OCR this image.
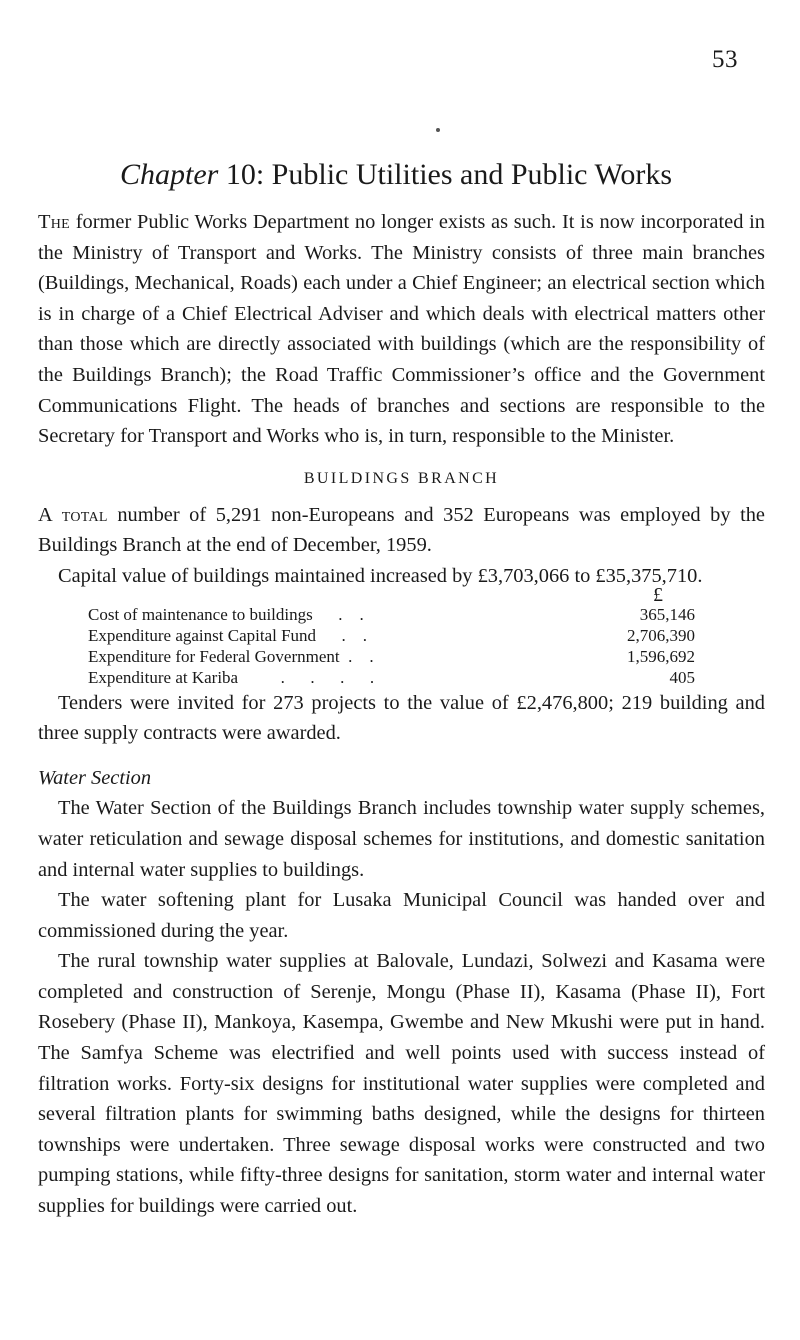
53
Chapter 10: Public Utilities and Public Works

The former Public Works Department no longer exists as such. It is now incorporated in the Ministry of Transport and Works. The Ministry consists of three main branches (Buildings, Mechanical, Roads) each under a Chief Engineer; an electrical section which is in charge of a Chief Electrical Adviser and which deals with electrical matters other than those which are directly associated with buildings (which are the responsibility of the Buildings Branch); the Road Traffic Commissioner’s office and the Government Communications Flight. The heads of branches and sections are responsible to the Secretary for Transport and Works who is, in turn, responsible to the Minister.

BUILDINGS BRANCH

A total number of 5,291 non-Europeans and 352 Europeans was employed by the Buildings Branch at the end of December, 1959.

Capital value of buildings maintained increased by £3,703,066 to £35,375,710.

£
Cost of maintenance to buildings      .    .	365,146
Expenditure against Capital Fund      .    .	2,706,390
Expenditure for Federal Government  .    .	1,596,692
Expenditure at Kariba          .      .      .      .	405

Tenders were invited for 273 projects to the value of £2,476,800; 219 building and three supply contracts were awarded.

Water Section

The Water Section of the Buildings Branch includes township water supply schemes, water reticulation and sewage disposal schemes for institutions, and domestic sanitation and internal water supplies to buildings.

The water softening plant for Lusaka Municipal Council was handed over and commissioned during the year.

The rural township water supplies at Balovale, Lundazi, Solwezi and Kasama were completed and construction of Serenje, Mongu (Phase II), Kasama (Phase II), Fort Rosebery (Phase II), Mankoya, Kasempa, Gwembe and New Mkushi were put in hand. The Samfya Scheme was electrified and well points used with success instead of filtration works. Forty-six designs for institutional water supplies were completed and several filtration plants for swimming baths designed, while the designs for thirteen townships were undertaken. Three sewage disposal works were constructed and two pumping stations, while fifty-three designs for sanitation, storm water and internal water supplies for buildings were carried out.
